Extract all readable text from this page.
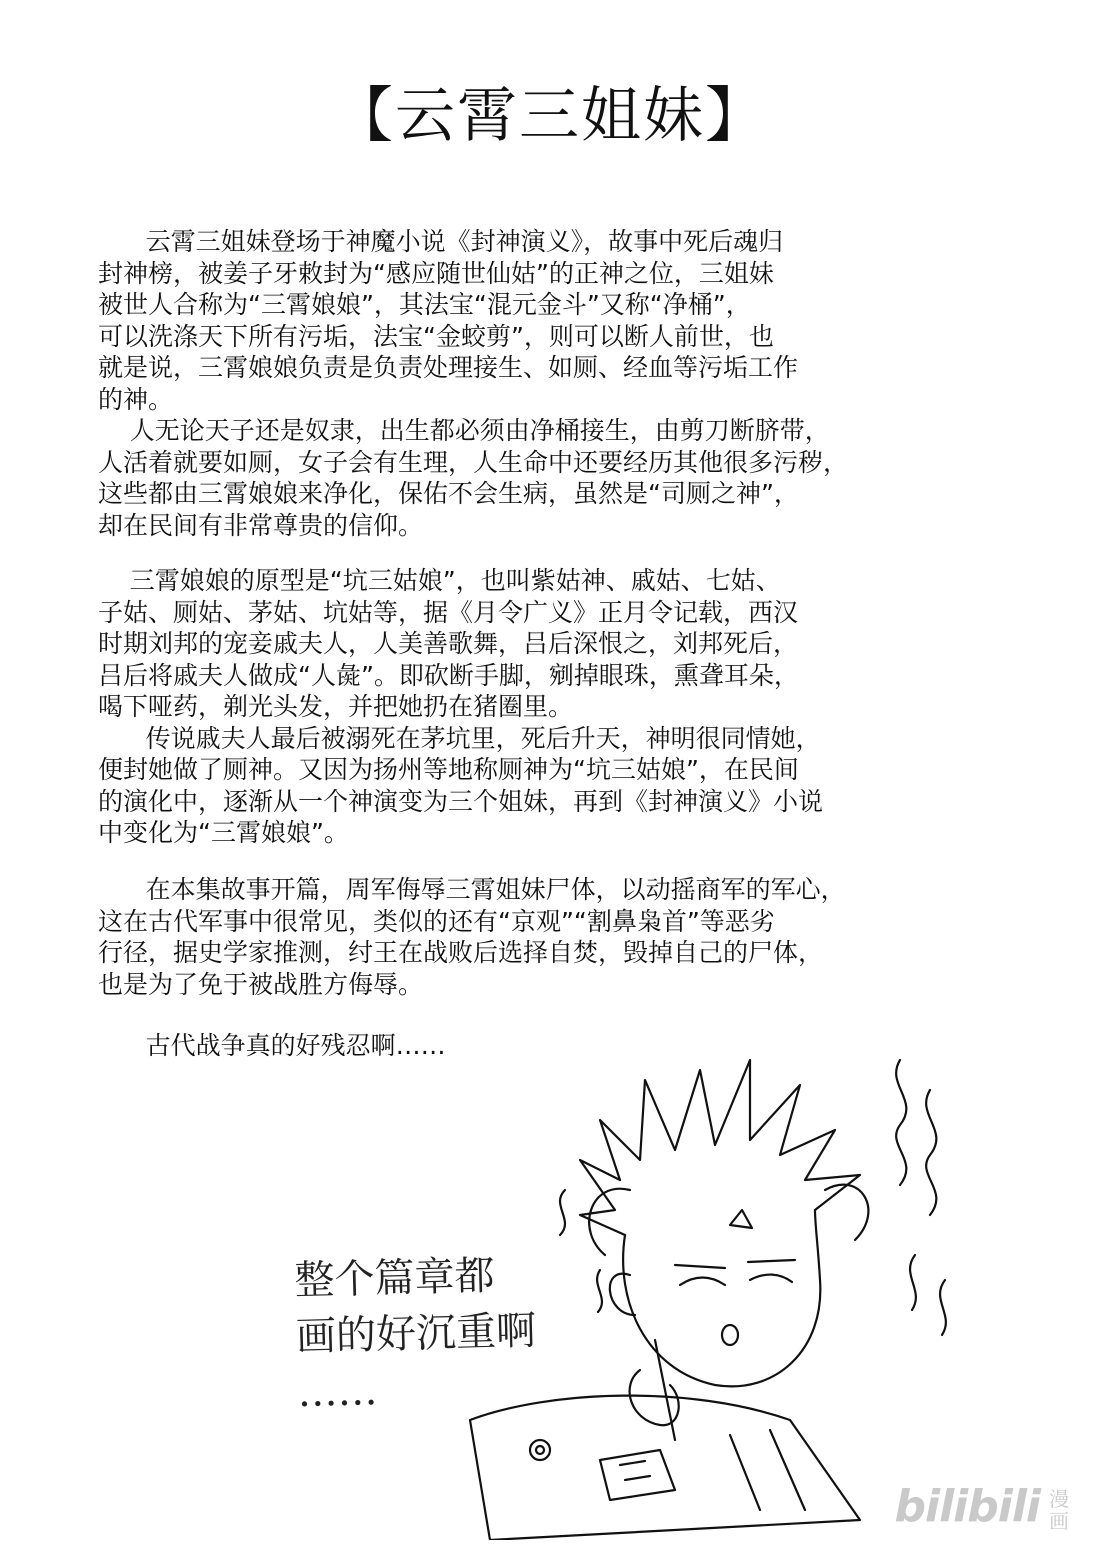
【云霄三姐妹】

云霄三姐妹登场于神魔小说《封神演义》，故事中死后魂归

封神榜，被姜子牙敕封为“感应随世仙姑”的正神之位，三姐妹

被世人合称为“三霄娘娘”，其法宝“混元金斗”又称“净桶”，

可以洗涤天下所有污垢，法宝“金蛟剪”，则可以断人前世，也

就是说，三霄娘娘负责是负责处理接生、如厕、经血等污垢工作

的神。

人无论天子还是奴隶，出生都必须由净桶接生，由剪刀断脐带，

人活着就要如厕，女子会有生理，人生命中还要经历其他很多污秽，

这些都由三霄娘娘来净化，保佑不会生病，虽然是“司厕之神”，

却在民间有非常尊贵的信仰。

三霄娘娘的原型是“坑三姑娘”，也叫紫姑神、戚姑、七姑、

子姑、厕姑、茅姑、坑姑等，据《月令广义》正月令记载，西汉

时期刘邦的宠妾戚夫人，人美善歌舞，吕后深恨之，刘邦死后，

吕后将戚夫人做成“人彘”。即砍断手脚，剜掉眼珠，熏聋耳朵，

喝下哑药，剃光头发，并把她扔在猪圈里。

传说戚夫人最后被溺死在茅坑里，死后升天，神明很同情她，

便封她做了厕神。又因为扬州等地称厕神为“坑三姑娘”，在民间

的演化中，逐渐从一个神演变为三个姐妹，再到《封神演义》小说

中变化为“三霄娘娘”。

在本集故事开篇，周军侮辱三霄姐妹尸体，以动摇商军的军心，

这在古代军事中很常见，类似的还有“京观”“割鼻枭首”等恶劣

行径，据史学家推测，纣王在战败后选择自焚，毁掉自己的尸体，

也是为了免于被战胜方侮辱。

古代战争真的好残忍啊……

整个篇章都
画的好沉重啊
……
bilibili 漫画
